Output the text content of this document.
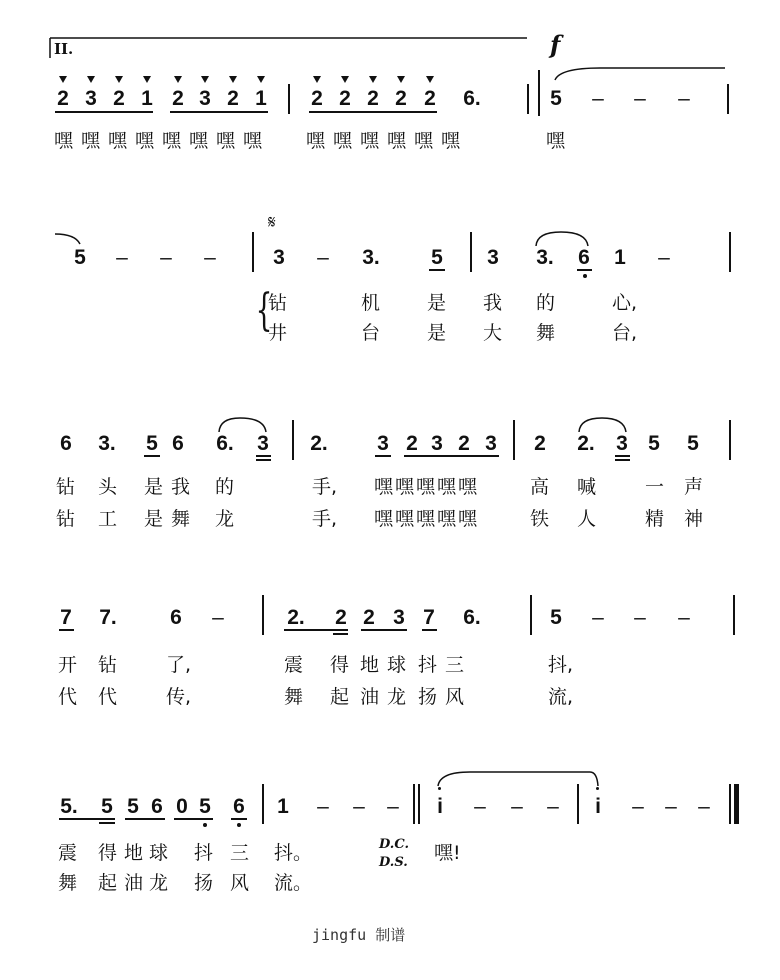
II.	f
2 3 2 1 2 3 2 1 2 2 2 2 2 6.	5 – – –
嘿嘿嘿嘿嘿嘿嘿嘿 嘿嘿嘿嘿嘿嘿	嘿
5 – – –
𝄋
3 – 3. 5 3 3. 6 1 –
{
钻	机 是 我 的	心,
井	台 是 大 舞	台,
6 3. 5 6 6. 3 2. 3 2 3 2 3 2 2. 3 5 5
钻 头 是我 的	手, 嘿嘿嘿嘿嘿	高 喊	一 声
钻 工 是舞 龙	手, 嘿嘿嘿嘿嘿	铁 人	精 神
7 7.	6 –	2. 2 2 3 7 6.	5 – – –
开 钻	了,	震 得 地球 抖三	抖,
代 代	传,	舞 起 油龙 扬风	流,
5. 5 5 6 0 5 6 1 – – – i – – – i – – –
震 得 地球 抖 三 抖。	D.C. 嘿!
舞 起 油龙 扬 风 流。
D.S.
jingfu 制谱
